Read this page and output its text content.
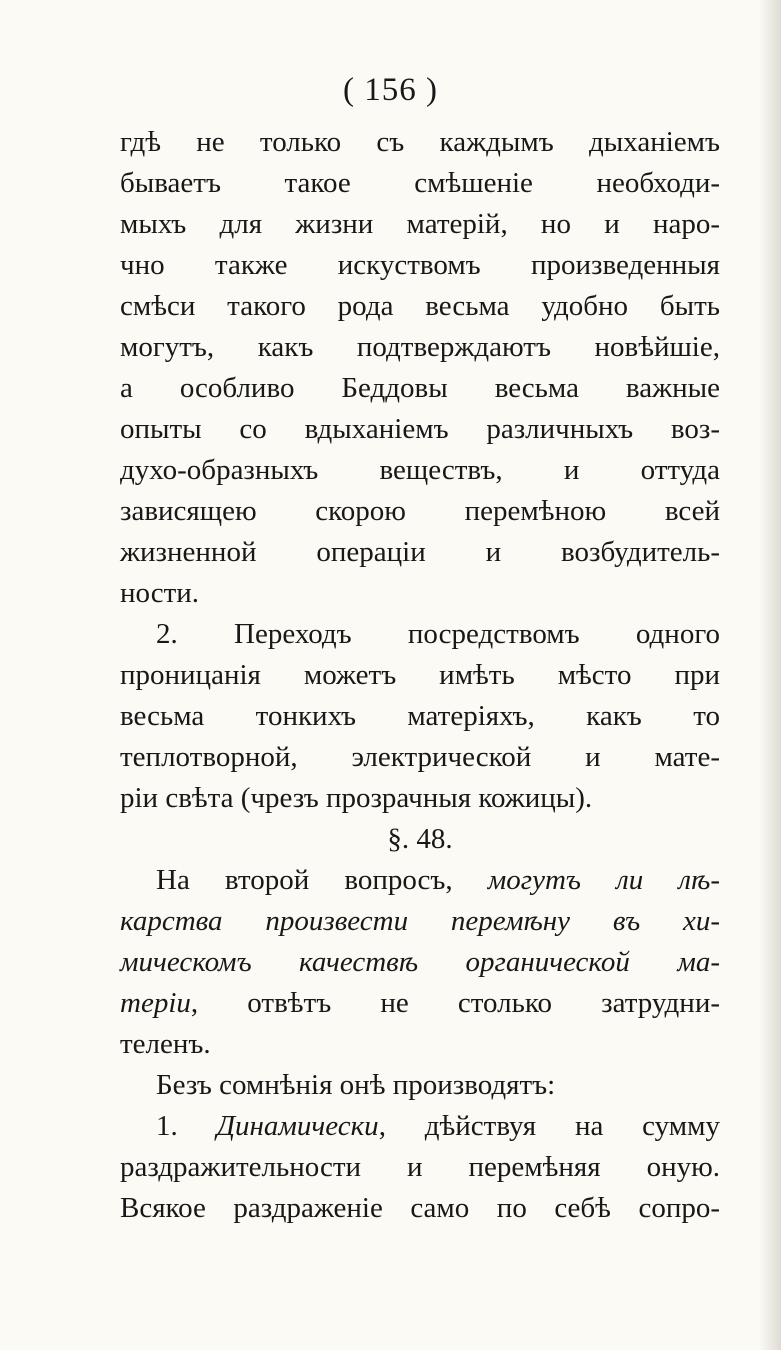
( 156 )
гдѣ не только съ каждымъ дыханіемъ
бываетъ такое смѣшеніе необходи-
мыхъ для жизни матерій, но и наро-
чно также искуствомъ произведенныя
смѣси такого рода весьма удобно быть
могутъ, какъ подтверждаютъ новѣйшіе,
а особливо Беддовы весьма важные
опыты со вдыханіемъ различныхъ воз-
духо-образныхъ веществъ, и оттуда
зависящею скорою перемѣною всей
жизненной операціи и возбудитель-
ности.
2. Переходъ посредствомъ одного
проницанія можетъ имѣть мѣсто при
весьма тонкихъ матеріяхъ, какъ то
теплотворной, электрической и мате-
ріи свѣта (чрезъ прозрачныя кожицы).
§. 48.
На второй вопросъ, могутъ ли лѣ-
карства произвести перемѣну въ хи-
мическомъ качествѣ органической ма-
теріи, отвѣтъ не столько затрудни-
теленъ.
Безъ сомнѣнія онѣ производятъ:
1. Динамически, дѣйствуя на сумму
раздражительности и перемѣняя оную.
Всякое раздраженіе само по себѣ сопро-
